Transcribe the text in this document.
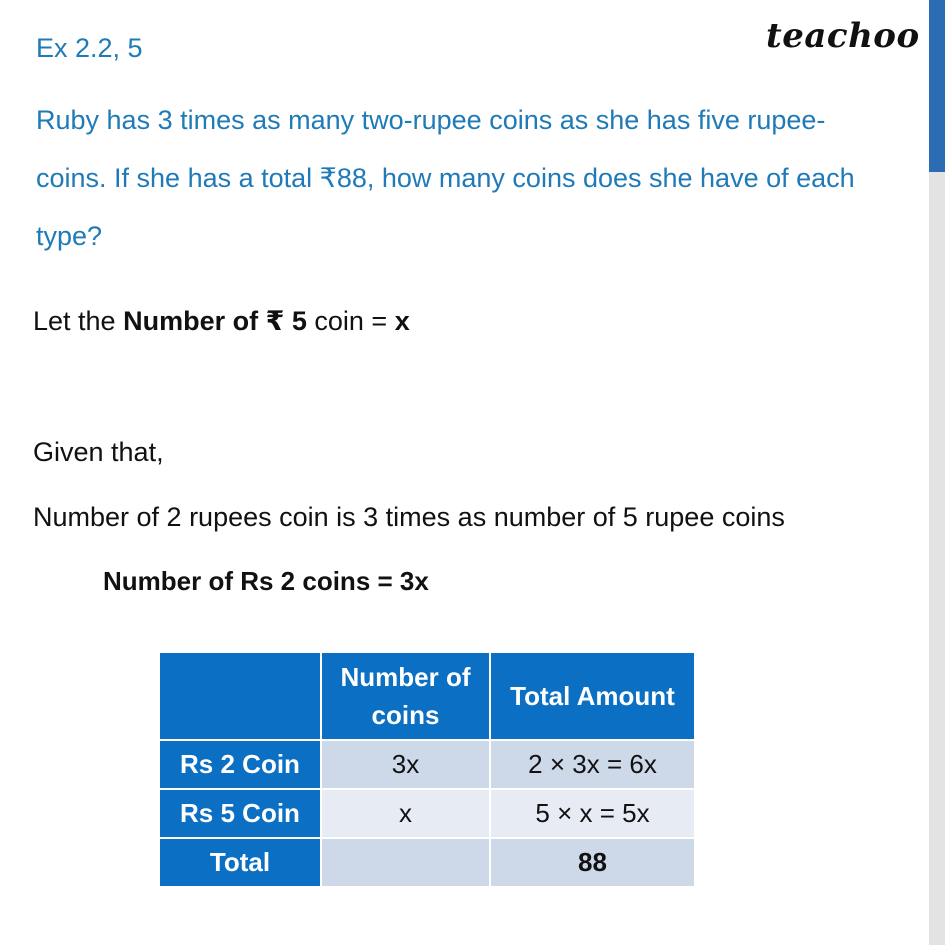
Ex 2.2, 5	teachoo

Ruby has 3 times as many two-rupee coins as she has five rupee-

coins. If she has a total ₹88, how many coins does she have of each

type?

Let the Number of ₹ 5 coin = x
Given that,
Number of 2 rupees coin is 3 times as number of 5 rupee coins
Number of Rs 2 coins = 3x

	Number of coins	Total Amount
Rs 2 Coin	3x	2 × 3x = 6x
Rs 5 Coin	x	5 × x = 5x
Total		88
